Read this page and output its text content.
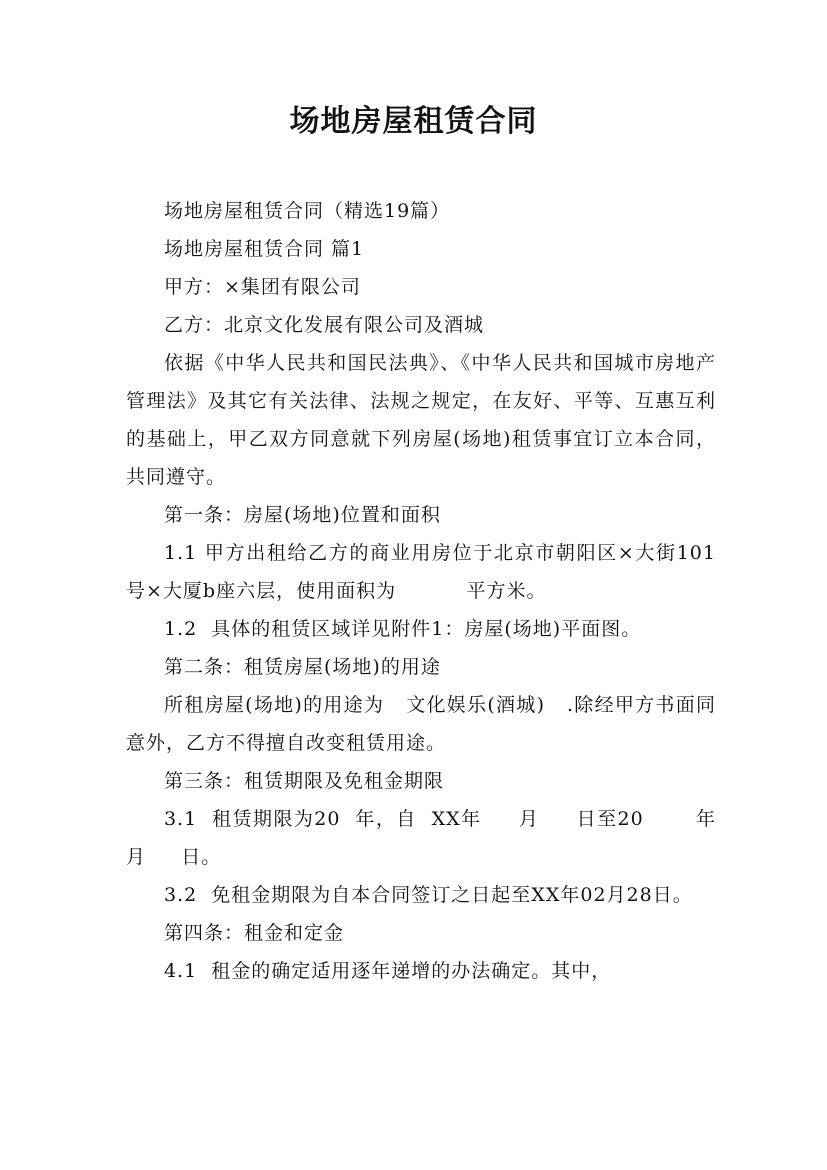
场地房屋租赁合同

场地房屋租赁合同（精选19篇）

场地房屋租赁合同 篇1

甲方：×集团有限公司

乙方：北京文化发展有限公司及酒城

依据《中华人民共和国民法典》、《中华人民共和国城市房地产管理法》及其它有关法律、法规之规定，在友好、平等、互惠互利的基础上，甲乙双方同意就下列房屋(场地)租赁事宜订立本合同，共同遵守。

第一条：房屋(场地)位置和面积

1.1 甲方出租给乙方的商业用房位于北京市朝阳区×大街101号×大厦b座六层，使用面积为          平方米。

1.2  具体的租赁区域详见附件1：房屋(场地)平面图。

第二条：租赁房屋(场地)的用途

所租房屋(场地)的用途为   文化娱乐(酒城)   .除经甲方书面同意外，乙方不得擅自改变租赁用途。

第三条：租赁期限及免租金期限

3.1  租赁期限为20  年，自  XX年     月     日至20       年     月     日。

3.2  免租金期限为自本合同签订之日起至XX年02月28日。

第四条：租金和定金

4.1  租金的确定适用逐年递增的办法确定。其中，
